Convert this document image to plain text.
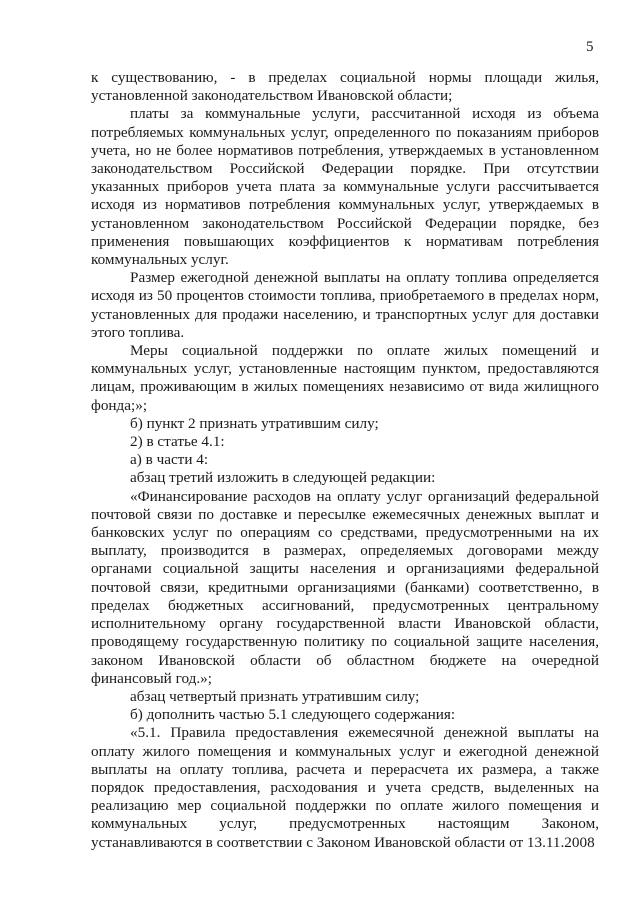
5

к существованию, - в пределах социальной нормы площади жилья, установленной законодательством Ивановской области;

платы за коммунальные услуги, рассчитанной исходя из объема потребляемых коммунальных услуг, определенного по показаниям приборов учета, но не более нормативов потребления, утверждаемых в установленном законодательством Российской Федерации порядке. При отсутствии указанных приборов учета плата за коммунальные услуги рассчитывается исходя из нормативов потребления коммунальных услуг, утверждаемых в установленном законодательством Российской Федерации порядке, без применения повышающих коэффициентов к нормативам потребления коммунальных услуг.

Размер ежегодной денежной выплаты на оплату топлива определяется исходя из 50 процентов стоимости топлива, приобретаемого в пределах норм, установленных для продажи населению, и транспортных услуг для доставки этого топлива.

Меры социальной поддержки по оплате жилых помещений и коммунальных услуг, установленные настоящим пунктом, предоставляются лицам, проживающим в жилых помещениях независимо от вида жилищного фонда;»;

б) пункт 2 признать утратившим силу;

2) в статье 4.1:

а) в части 4:

абзац третий изложить в следующей редакции:

«Финансирование расходов на оплату услуг организаций федеральной почтовой связи по доставке и пересылке ежемесячных денежных выплат и банковских услуг по операциям со средствами, предусмотренными на их выплату, производится в размерах, определяемых договорами между органами социальной защиты населения и организациями федеральной почтовой связи, кредитными организациями (банками) соответственно, в пределах бюджетных ассигнований, предусмотренных центральному исполнительному органу государственной власти Ивановской области, проводящему государственную политику по социальной защите населения, законом Ивановской области об областном бюджете на очередной финансовый год.»;

абзац четвертый признать утратившим силу;

б) дополнить частью 5.1 следующего содержания:

«5.1. Правила предоставления ежемесячной денежной выплаты на оплату жилого помещения и коммунальных услуг и ежегодной денежной выплаты на оплату топлива, расчета и перерасчета их размера, а также порядок предоставления, расходования и учета средств, выделенных на реализацию мер социальной поддержки по оплате жилого помещения и коммунальных услуг, предусмотренных настоящим Законом, устанавливаются в соответствии с Законом Ивановской области от 13.11.2008
